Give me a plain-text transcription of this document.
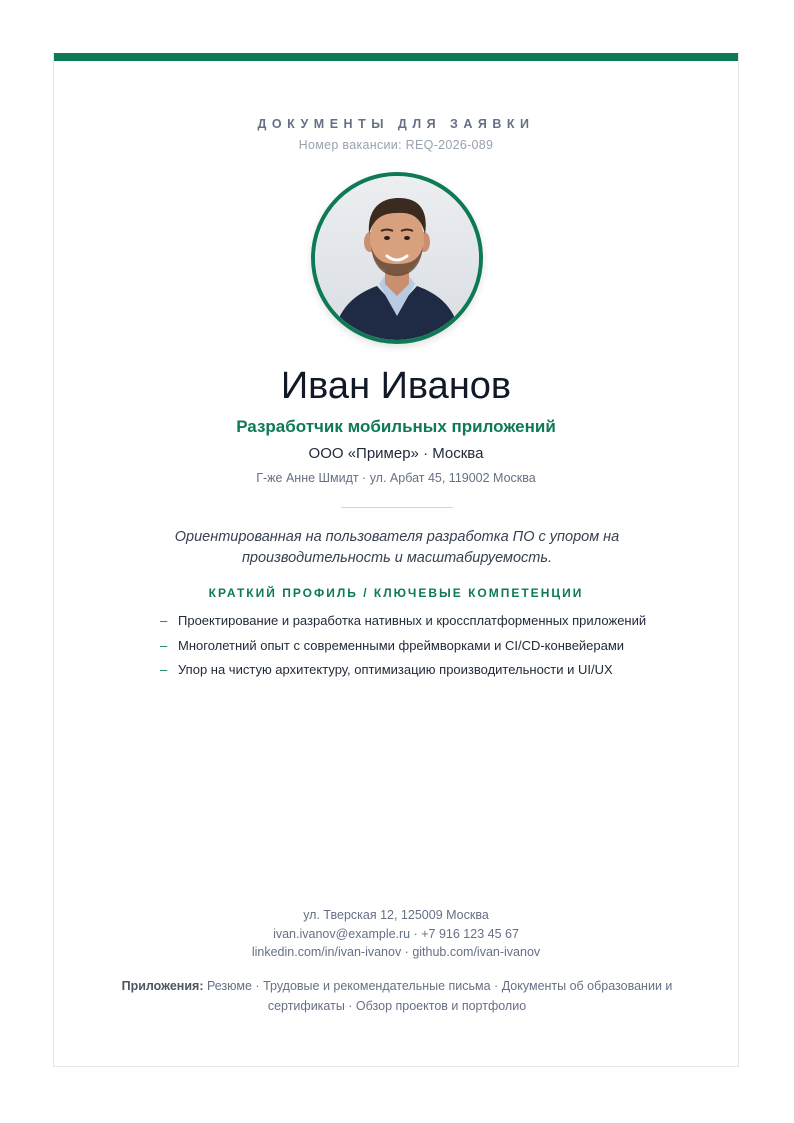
ДОКУМЕНТЫ ДЛЯ ЗАЯВКИ
Номер вакансии: REQ-2026-089
Иван Иванов
Разработчик мобильных приложений
ООО «Пример» · Москва
Г-же Анне Шмидт · ул. Арбат 45, 119002 Москва
Ориентированная на пользователя разработка ПО с упором на производительность и масштабируемость.
КРАТКИЙ ПРОФИЛЬ / КЛЮЧЕВЫЕ КОМПЕТЕНЦИИ
– Проектирование и разработка нативных и кроссплатформенных приложений
– Многолетний опыт с современными фреймворками и CI/CD-конвейерами
– Упор на чистую архитектуру, оптимизацию производительности и UI/UX
ул. Тверская 12, 125009 Москва
ivan.ivanov@example.ru · +7 916 123 45 67
linkedin.com/in/ivan-ivanov · github.com/ivan-ivanov
Приложения: Резюме · Трудовые и рекомендательные письма · Документы об образовании и сертификаты · Обзор проектов и портфолио
